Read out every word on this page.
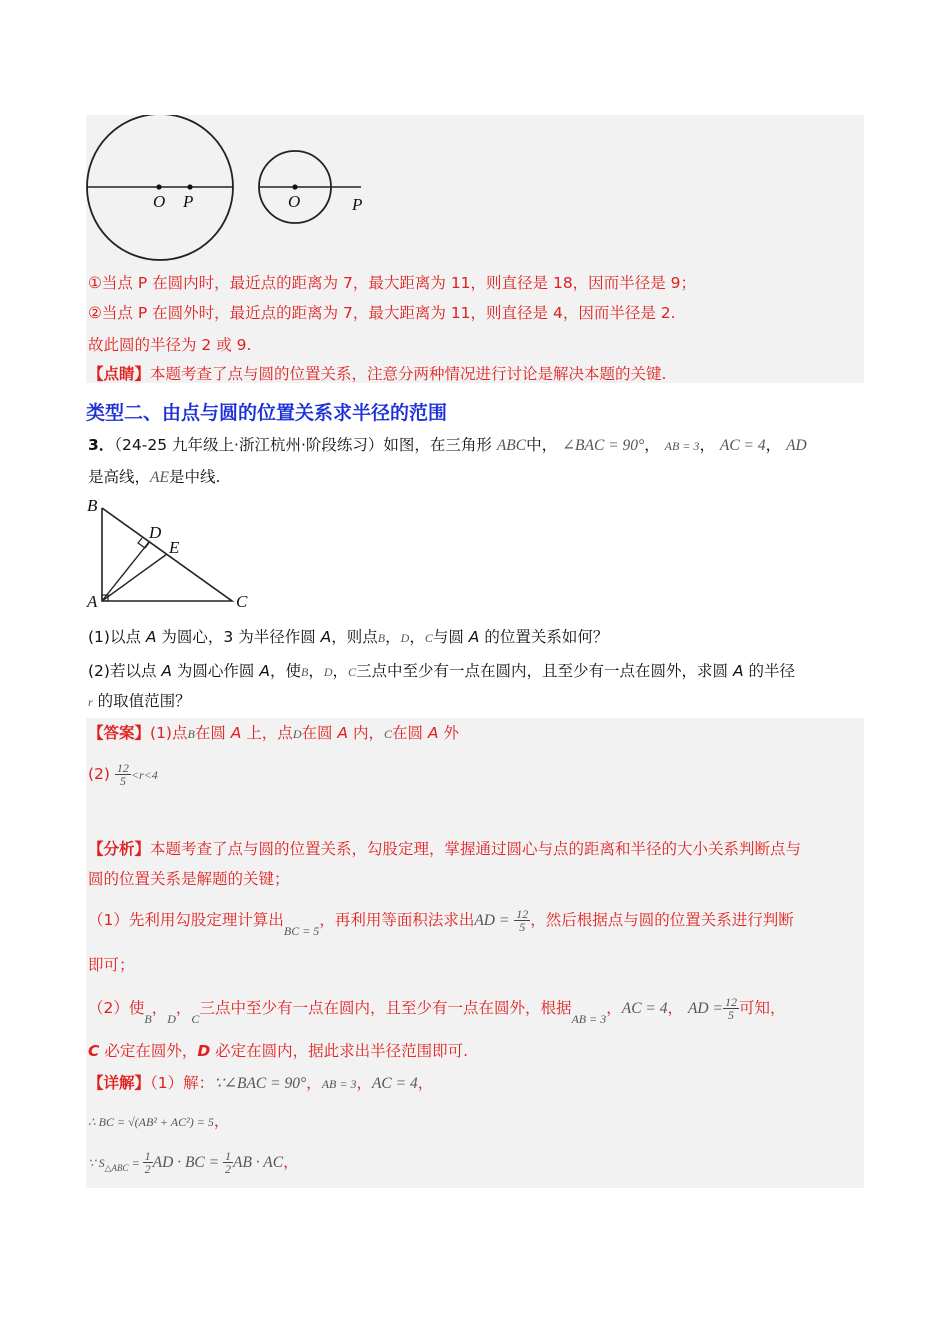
O P	O	P
①当点 P 在圆内时，最近点的距离为 7，最大距离为 11，则直径是 18，因而半径是 9；
②当点 P 在圆外时，最近点的距离为 7，最大距离为 11，则直径是 4，因而半径是 2.
故此圆的半径为 2 或 9.
【点睛】本题考查了点与圆的位置关系，注意分两种情况进行讨论是解决本题的关键.
类型二、由点与圆的位置关系求半径的范围
3．（24-25 九年级上·浙江杭州·阶段练习）如图，在三角形 ABC中， ∠BAC = 90°， AB = 3， AC = 4， AD
是高线，AE是中线.
B
D
E
A	C
(1)以点 A 为圆心，3 为半径作圆 A，则点B，D，C与圆 A 的位置关系如何？
(2)若以点 A 为圆心作圆 A，使B，D，C三点中至少有一点在圆内，且至少有一点在圆外，求圆 A 的半径
r 的取值范围？
【答案】(1)点B在圆 A 上，点D在圆 A 内，C在圆 A 外
$(2) \frac{12}{5} <r<4$
【分析】本题考查了点与圆的位置关系，勾股定理，掌握通过圆心与点的距离和半径的大小关系判断点与
圆的位置关系是解题的关键；
（1）先利用勾股定理计算出$_{BC = 5}$，再利用等面积法求出AD = $\frac{12}{5}$ ，然后根据点与圆的位置关系进行判断
即可；
（2）使$_B$，$_D$，$_C$三点中至少有一点在圆内，且至少有一点在圆外，根据$_{AB = 3}$，AC = 4， AD = $\frac{12}{5}$ 可知，
C 必定在圆外，D 必定在圆内，据此求出半径范围即可.
【详解】（1）解：∵∠BAC = 90°，AB = 3，AC = 4，
∴ BC = √(AB² + AC²) = 5，
∵ $S_{\triangle ABC} = \frac{1}{2}$ AD · BC = $\frac{1}{2}$ AB · AC，
